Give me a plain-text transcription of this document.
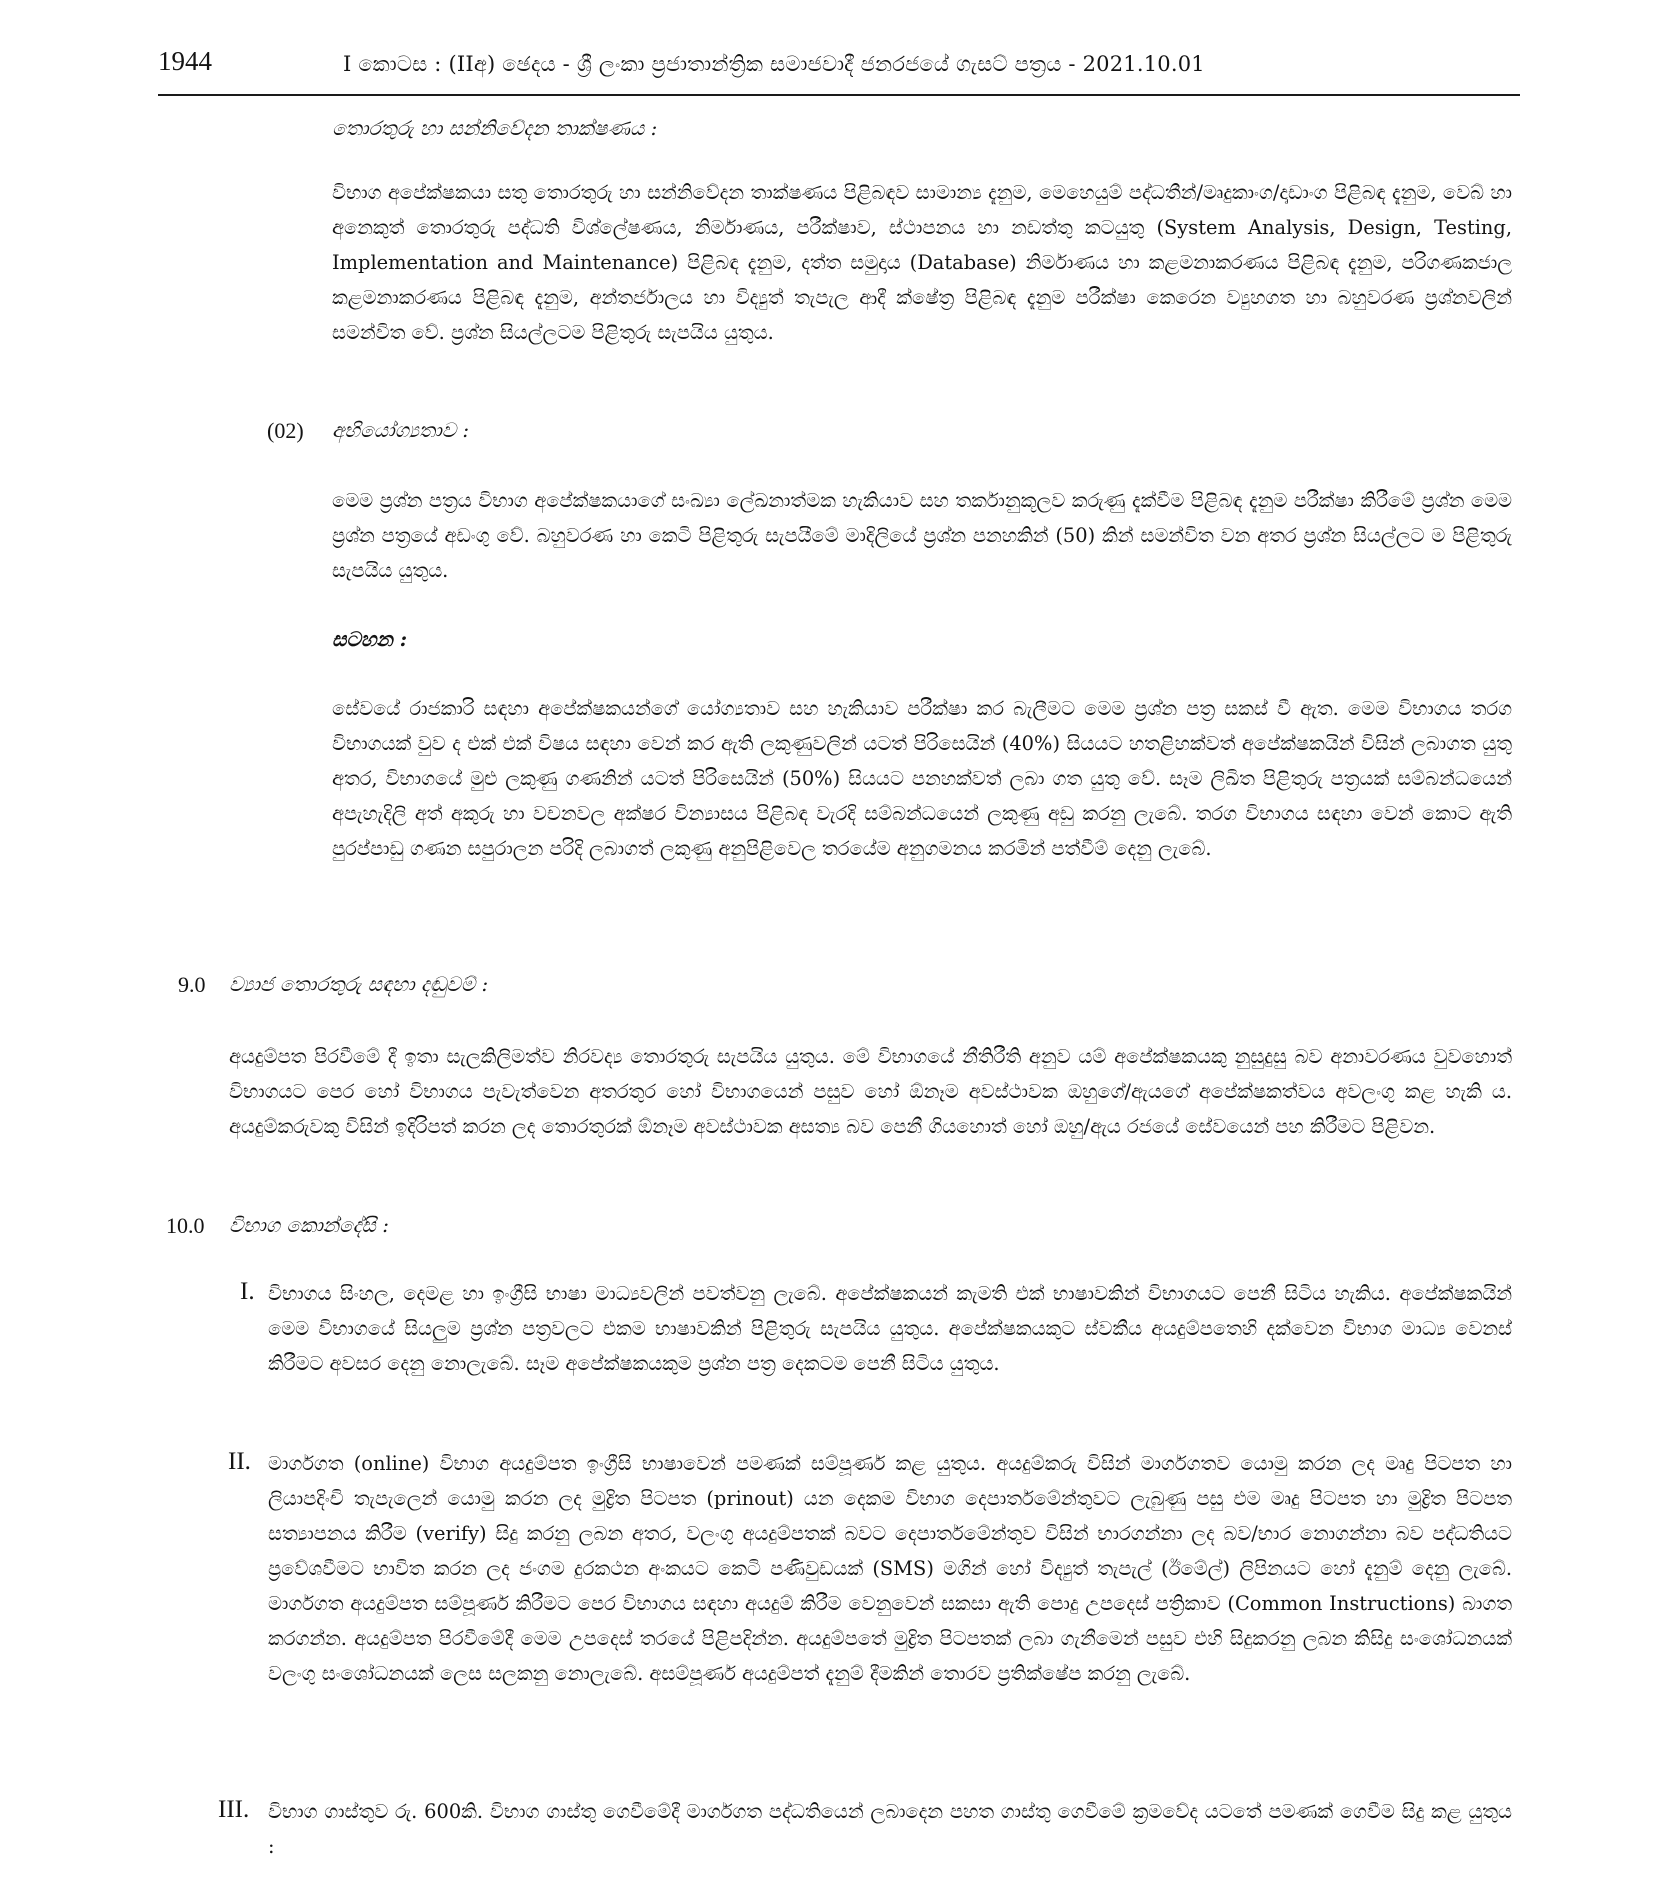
1944	I කොටස : (IIඅ) ඡෙදය - ශ්‍රී ලංකා ප්‍රජාතාන්ත්‍රික සමාජවාදී ජනරජයේ ගැසට් පත්‍රය - 2021.10.01
තොරතුරු හා සන්නිවේදන තාක්ෂණය :

විභාග අපේක්ෂකයා සතු තොරතුරු හා සන්නිවේදන තාක්ෂණය පිළිබඳව සාමාන්‍ය දැනුම, මෙහෙයුම් පද්ධතීන්/මෘදුකාංග/දෘඩාංග පිළිබඳ දැනුම, වෙබ් හා අනෙකුත් තොරතුරු පද්ධති විශ්ලේෂණය, නිර්මාණය, පරීක්ෂාව, ස්ථාපනය හා නඩත්තු කටයුතු (System Analysis, Design, Testing, Implementation and Maintenance) පිළිබඳ දැනුම, දත්ත සමුදාය (Database) නිර්මාණය හා කළමනාකරණය පිළිබඳ දැනුම, පරිගණකජාල කළමනාකරණය පිළිබඳ දැනුම, අන්තර්ජාලය හා විද්‍යුත් තැපැල ආදී ක්ෂේත්‍ර පිළිබඳ දැනුම පරීක්ෂා කෙරෙන ව්‍යුහගත හා බහුවරණ ප්‍රශ්නවලින් සමන්විත වේ. ප්‍රශ්න සියල්ලටම පිළිතුරු සැපයිය යුතුය.

(02) අභියෝග්‍යතාව :

මෙම ප්‍රශ්න පත්‍රය විභාග අපේක්ෂකයාගේ සංඛ්‍යා ලේඛනාත්මක හැකියාව සහ තර්කානුකූලව කරුණු දැක්වීම පිළිබඳ දැනුම පරීක්ෂා කිරීමේ ප්‍රශ්න මෙම ප්‍රශ්න පත්‍රයේ අඩංගු වේ. බහුවරණ හා කෙටි පිළිතුරු සැපයීමේ මාදිලියේ ප්‍රශ්න පනහකින් (50) කින් සමන්විත වන අතර ප්‍රශ්න සියල්ලට ම පිළිතුරු සැපයිය යුතුය.

සටහන :

සේවයේ රාජකාරි සඳහා අපේක්ෂකයන්ගේ යෝග්‍යතාව සහ හැකියාව පරීක්ෂා කර බැලීමට මෙම ප්‍රශ්න පත්‍ර සකස් වී ඇත. මෙම විභාගය තරග විභාගයක් වුව ද එක් එක් විෂය සඳහා වෙන් කර ඇති ලකුණුවලින් යටත් පිරිසෙයින් (40%) සියයට හතළිහක්වත් අපේක්ෂකයින් විසින් ලබාගත යුතු අතර, විභාගයේ මුළු ලකුණු ගණනින් යටත් පිරිසෙයින් (50%) සියයට පනහක්වත් ලබා ගත යුතු වේ. සෑම ලිඛිත පිළිතුරු පත්‍රයක් සම්බන්ධයෙන් අපැහැදිලි අත් අකුරු හා වචනවල අක්ෂර වින්‍යාසය පිළිබඳ වැරදි සම්බන්ධයෙන් ලකුණු අඩු කරනු ලැබේ. තරග විභාගය සඳහා වෙන් කොට ඇති පුරප්පාඩු ගණන සපුරාලන පරිදි ලබාගත් ලකුණු අනුපිළිවෙල තරයේම අනුගමනය කරමින් පත්වීම් දෙනු ලැබේ.

9.0 ව්‍යාජ තොරතුරු සඳහා දඬුවම් :

අයදුම්පත පිරවීමේ දී ඉතා සැලකිලිමත්ව නිරවද්‍ය තොරතුරු සැපයිය යුතුය. මේ විභාගයේ නීතිරීති අනුව යම් අපේක්ෂකයකු නුසුදුසු බව අනාවරණය වුවහොත් විභාගයට පෙර හෝ විභාගය පැවැත්වෙන අතරතුර හෝ විභාගයෙන් පසුව හෝ ඕනෑම අවස්ථාවක ඔහුගේ/ඇයගේ අපේක්ෂකත්වය අවලංගු කළ හැකි ය. අයදුම්කරුවකු විසින් ඉදිරිපත් කරන ලද තොරතුරක් ඕනෑම අවස්ථාවක අසත්‍ය බව පෙනී ගියහොත් හෝ ඔහු/ඇය රජයේ සේවයෙන් පහ කිරීමට පිළිවන.

10.0 විභාග කොන්දේසි :
I. විභාගය සිංහල, දෙමළ හා ඉංග්‍රීසි භාෂා මාධ්‍යවලින් පවත්වනු ලැබේ. අපේක්ෂකයන් කැමති එක් භාෂාවකින් විභාගයට පෙනී සිටිය හැකිය. අපේක්ෂකයින් මෙම විභාගයේ සියලුම ප්‍රශ්න පත්‍රවලට එකම භාෂාවකින් පිළිතුරු සැපයිය යුතුය. අපේක්ෂකයකුට ස්වකීය අයදුම්පතෙහි දක්වෙන විභාග මාධ්‍ය වෙනස් කිරීමට අවසර දෙනු නොලැබේ. සෑම අපේක්ෂකයකුම ප්‍රශ්න පත්‍ර දෙකටම පෙනී සිටිය යුතුය.

II. මාර්ගගත (online) විභාග අයදුම්පත ඉංග්‍රීසි භාෂාවෙන් පමණක් සම්පූර්ණ කළ යුතුය. අයදුම්කරු විසින් මාර්ගගතව යොමු කරන ලද මෘදු පිටපත හා ලියාපදිංචි තැපැලෙන් යොමු කරන ලද මුද්‍රිත පිටපත (prinout) යන දෙකම විභාග දෙපාර්තමේන්තුවට ලැබුණු පසු එම මෘදු පිටපත හා මුද්‍රිත පිටපත සත්‍යාපනය කිරීම (verify) සිදු කරනු ලබන අතර, වලංගු අයදුම්පතක් බවට දෙපාර්තමේන්තුව විසින් භාරගන්නා ලද බව/භාර නොගන්නා බව පද්ධතියට ප්‍රවේශවීමට භාවිත කරන ලද ජංගම දුරකථන අංකයට කෙටි පණිවුඩයක් (SMS) මගින් හෝ විද්‍යුත් තැපැල් (ඊමේල්) ලිපිනයට හෝ දැනුම් දෙනු ලැබේ. මාර්ගගත අයදුම්පත සම්පූර්ණ කිරීමට පෙර විභාගය සඳහා අයදුම් කිරීම වෙනුවෙන් සකසා ඇති පොදු උපදෙස් පත්‍රිකාව (Common Instructions) බාගත කරගන්න. අයදුම්පත පිරවීමේදී මෙම උපදෙස් තරයේ පිළිපදින්න. අයදුම්පතේ මුද්‍රිත පිටපතක් ලබා ගැනීමෙන් පසුව එහි සිදුකරනු ලබන කිසිදු සංශෝධනයක් වලංගු සංශෝධනයක් ලෙස සලකනු නොලැබේ. අසම්පූර්ණ අයදුම්පත් දැනුම් දීමකින් තොරව ප්‍රතික්ෂේප කරනු ලැබේ.

III. විභාග ගාස්තුව රු. 600කි. විභාග ගාස්තු ගෙවීමේදී මාර්ගගත පද්ධතියෙන් ලබාදෙන පහත ගාස්තු ගෙවීමේ ක්‍රමවේද යටතේ පමණක් ගෙවීම සිදු කළ යුතුය :
